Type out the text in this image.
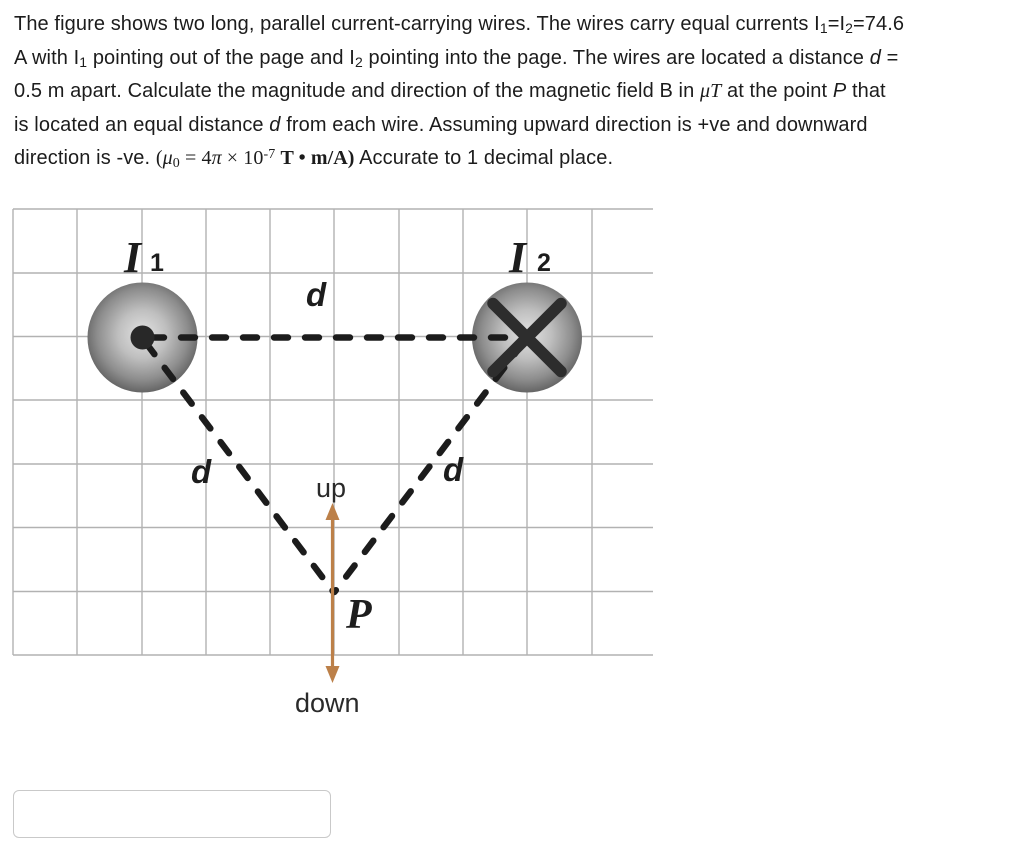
The figure shows two long, parallel current-carrying wires. The wires carry equal currents I1=I2=74.6
A with I1 pointing out of the page and I2 pointing into the page. The wires are located a distance d =
0.5 m apart. Calculate the magnitude and direction of the magnetic field B in μT at the point P that
is located an equal distance d from each wire. Assuming upward direction is +ve and downward
direction is -ve. ($\mu 0 = 4\pi \times 10^{-7}$ T • m/A) Accurate to 1 decimal place.
I 1	I 2
d
d	d
up
P
down
